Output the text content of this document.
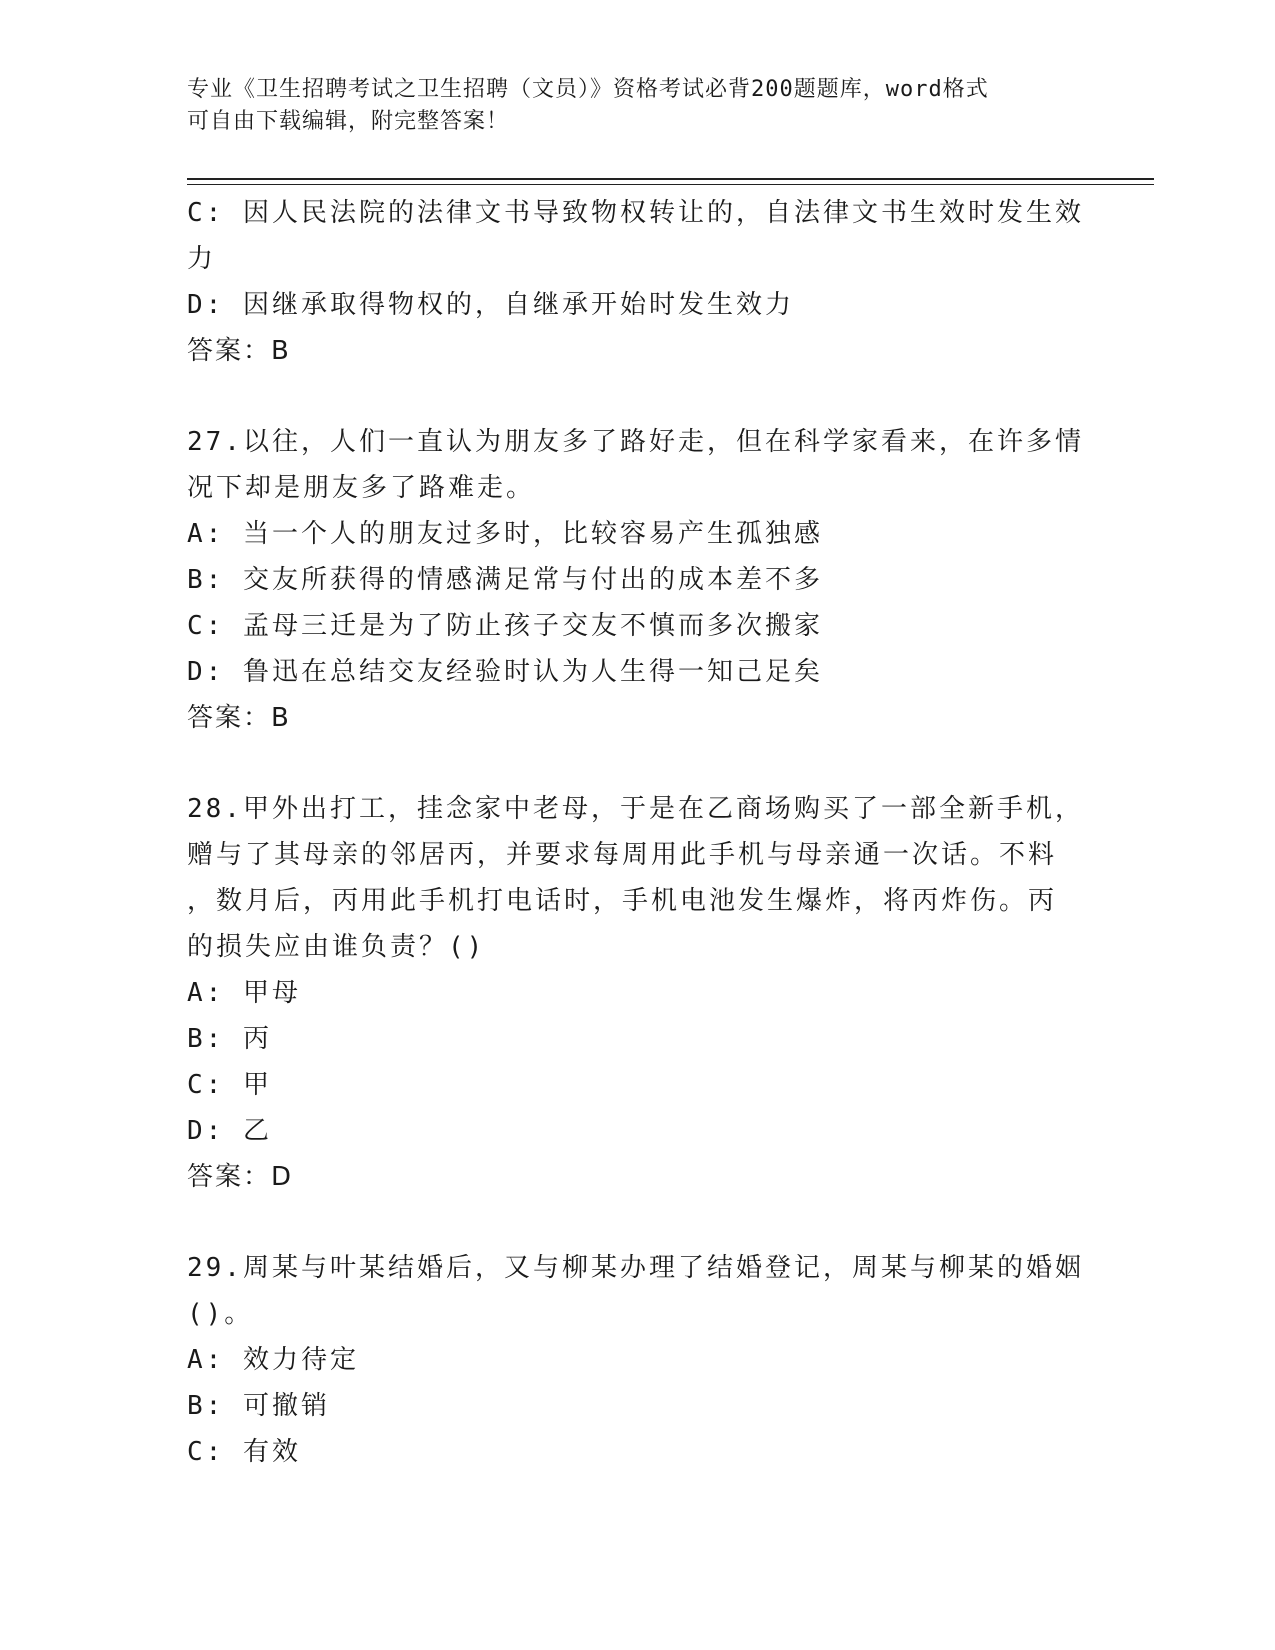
专业《卫生招聘考试之卫生招聘（文员）》资格考试必背200题题库，word格式
可自由下载编辑，附完整答案！
C: 因人民法院的法律文书导致物权转让的，自法律文书生效时发生效
力
D: 因继承取得物权的，自继承开始时发生效力
答案：B
27.以往，人们一直认为朋友多了路好走，但在科学家看来，在许多情
况下却是朋友多了路难走。
A: 当一个人的朋友过多时，比较容易产生孤独感
B: 交友所获得的情感满足常与付出的成本差不多
C: 孟母三迁是为了防止孩子交友不慎而多次搬家
D: 鲁迅在总结交友经验时认为人生得一知己足矣
答案：B
28.甲外出打工，挂念家中老母，于是在乙商场购买了一部全新手机，
赠与了其母亲的邻居丙，并要求每周用此手机与母亲通一次话。不料
，数月后，丙用此手机打电话时，手机电池发生爆炸，将丙炸伤。丙
的损失应由谁负责？()
A: 甲母
B: 丙
C: 甲
D: 乙
答案：D
29.周某与叶某结婚后，又与柳某办理了结婚登记，周某与柳某的婚姻
()。
A: 效力待定
B: 可撤销
C: 有效
